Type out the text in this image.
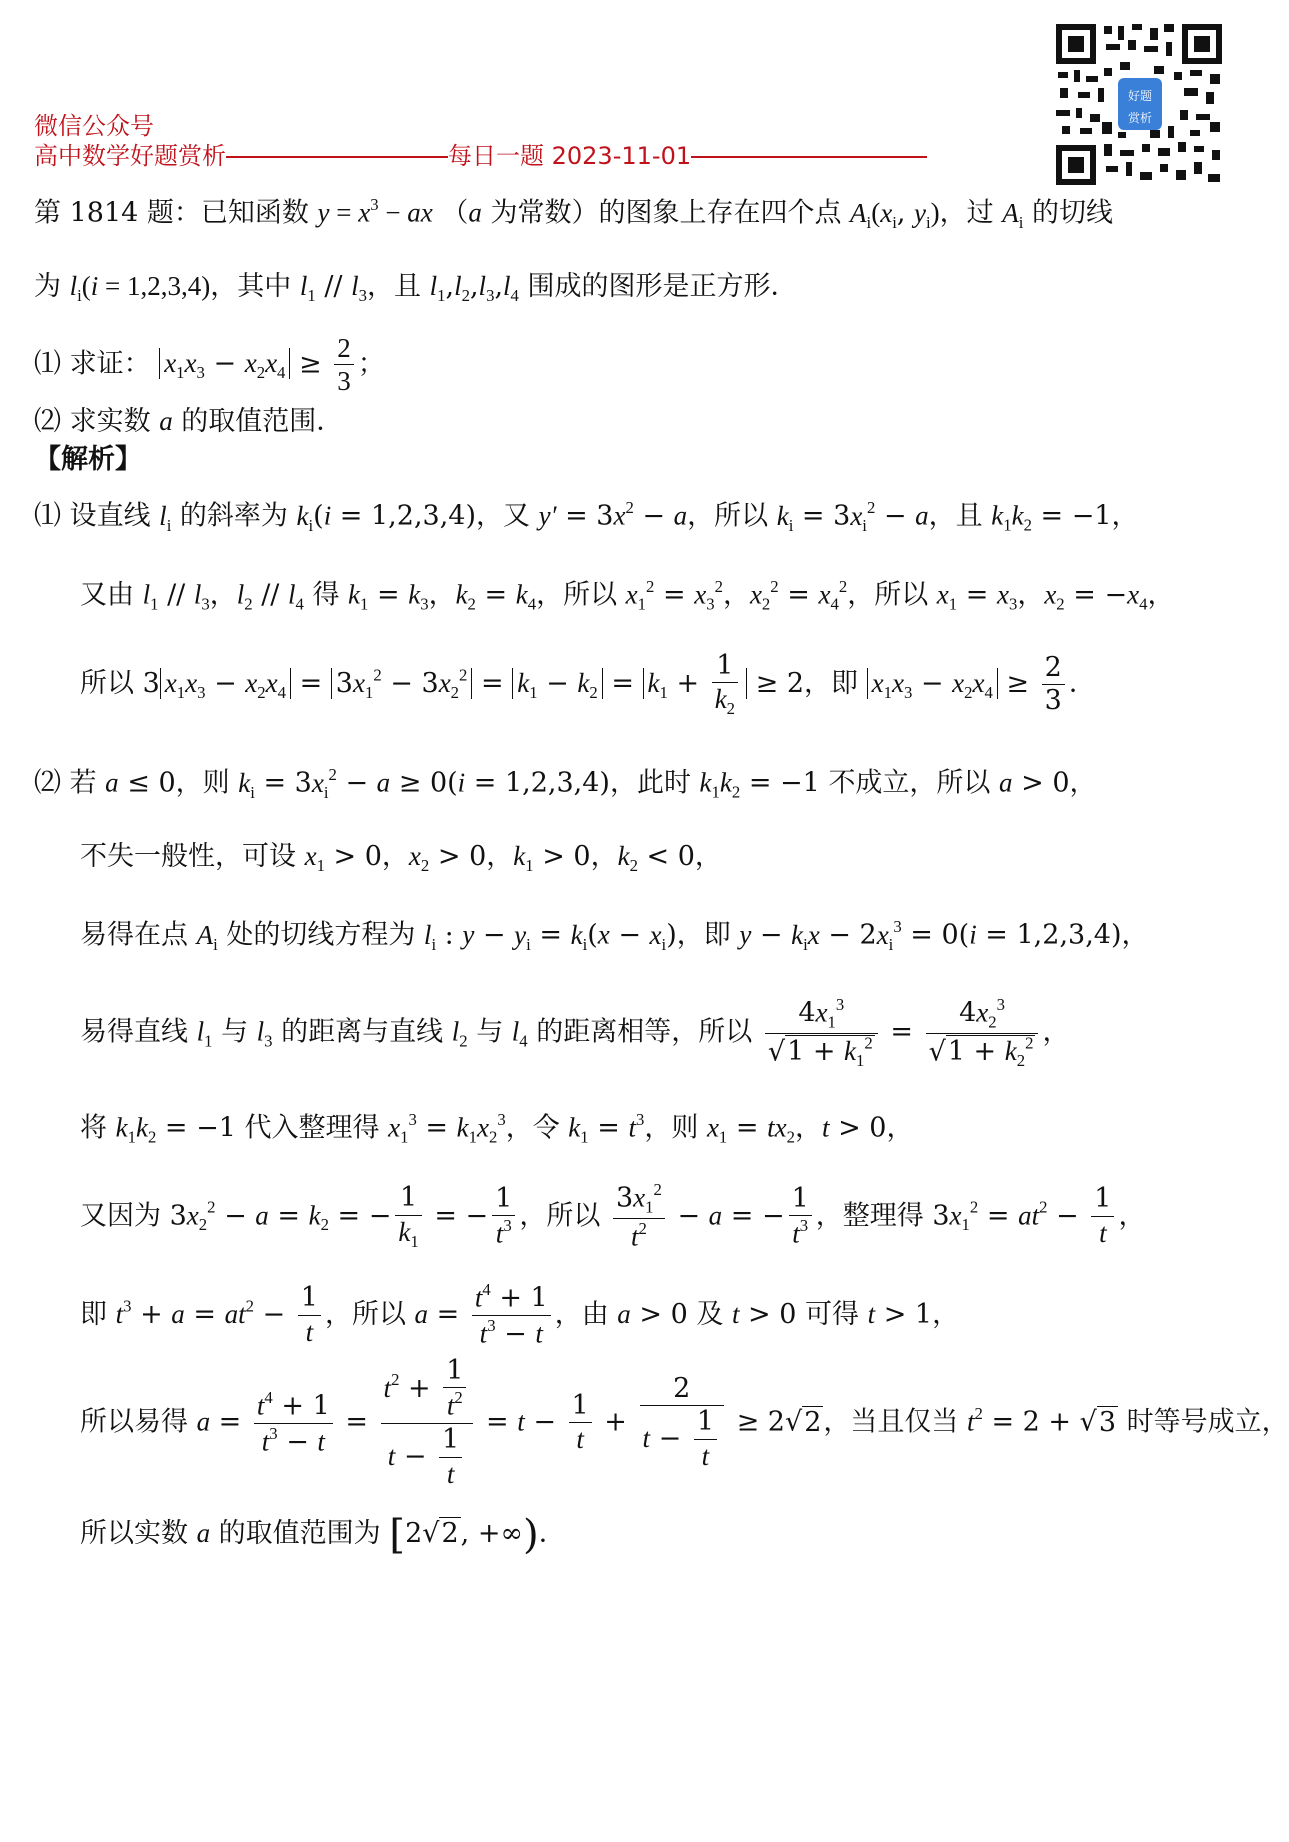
微信公众号
高中数学好题赏析	每日一题 2023-11-01
好题
赏析
第 1814 题：已知函数 $y = x^3$ − ax （a 为常数）的图象上存在四个点 $A_i(x_i$, $y_i$)，过 $A_i$ 的切线
为 $l_i(i = 1,2,3,4)$，其中 $l_1 // l_3$，且 $l_1,l_2,l_3,l_4$ 围成的图形是正方形．
⑴ 求证： $x_1x_3 - x_2x_4 \ge \frac{2}{3}$ ；
⑵ 求实数 a 的取值范围．
【解析】
⑴ 设直线 $l_i$ 的斜率为 $k_i(i = 1,2,3,4)$，又 $y' = 3x^2 - a$，所以 $k_i = 3x_i^2 - a$，且 $k_1k_2 = -1$，
又由 $l_1 // l_3$，$l_2 // l_4$ 得 $k_1 = k_3$，$k_2 = k_4$，所以 $x_1^2 = x_3^2$，$x_2^2 = x_4^2$，所以 $x_1 = x_3$，$x_2 = -x_4$，
所以 3 $x_1x_3 - x_2x_4 = 3x_1^2 - 3x_2^2 = k_1 - k_2 = k_1 + \frac{1}{k_2} \ge 2$，即 $x_1x_3 - x_2x_4 \ge \frac{2}{3}$ ．
⑵ 若 a ≤ 0，则 $k_i = 3x_i^2 - a \ge 0(i = 1,2,3,4)$，此时 $k_1k_2 = -1$ 不成立，所以 a > 0，
不失一般性，可设 $x_1 > 0$，$x_2 > 0$，$k_1 > 0$，$k_2 < 0$，
易得在点 $A_i$ 处的切线方程为 $l_i$ : $y - y_i = k_i(x - x_i)$，即 $y - k_ix - 2x_i^3 = 0(i = 1,2,3,4)$，
易得直线 $l_1$ 与 $l_3$ 的距离与直线 $l_2$ 与 $l_4$ 的距离相等，所以 $\frac{4x_1^3}{√1 + k_1^2} = \frac{4x_2^3}{√1 + k_2^2}$ ，
将 $k_1k_2 = -1$ 代入整理得 $x_1^3 = k_1x_2^3$，令 $k_1 = t^3$，则 $x_1 = tx_2$，t > 0，
又因为 $3x_2^2 - a = k_2$ = − $\frac{1}{k_1}$ = − $\frac{1}{t^3}$ ，所以 $\frac{3x_1^2}{t^2} - a$ = − $\frac{1}{t^3}$ ，整理得 $3x_1^2 = at^2 - \frac{1}{t}$ ，
即 $t^3 + a = at^2 - \frac{1}{t}$ ，所以 $a = \frac{t^4 + 1}{t^3 - t}$ ，由 a > 0 及 t > 0 可得 t > 1，
所以易得 $a = \frac{t^4 + 1}{t^3 - t} = \frac{t^2 + \frac{1}{t^2}}{t - \frac{1}{t}} = t - \frac{1}{t} + \frac{2}{t - \frac{1}{t}} \ge 2√2$，当且仅当 $t^2 = 2 + √3$ 时等号成立，
所以实数 a 的取值范围为 [2√2, +∞)．
